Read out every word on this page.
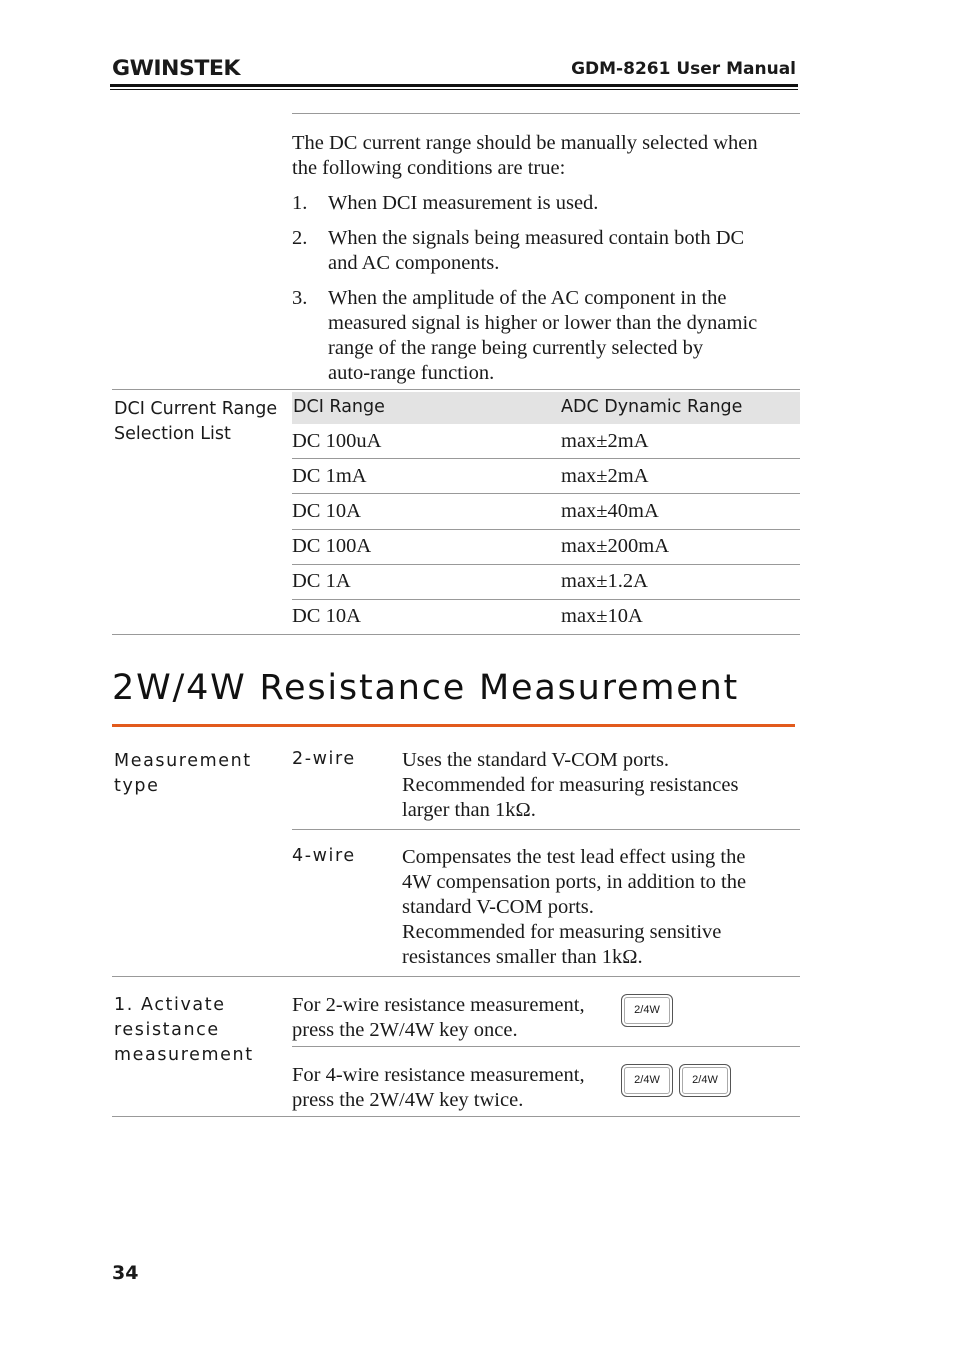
GWINSTEK	GDM-8261 User Manual
The DC current range should be manually selected when
the following conditions are true:
1. When DCI measurement is used.
2. When the signals being measured contain both DC
and AC components.
3. When the amplitude of the AC component in the
measured signal is higher or lower than the dynamic
range of the range being currently selected by
auto-range function.
DCI Current Range
Selection List
DCI Range	ADC Dynamic Range
DC 100uA	max±2mA
DC 1mA	max±2mA
DC 10A	max±40mA
DC 100A	max±200mA
DC 1A	max±1.2A
DC 10A	max±10A
2W/4W Resistance Measurement
Measurement
type
2-wire Uses the standard V-COM ports.
Recommended for measuring resistances
larger than 1kΩ.
4-wire Compensates the test lead effect using the
4W compensation ports, in addition to the
standard V-COM ports.
Recommended for measuring sensitive
resistances smaller than 1kΩ.
1. Activate
resistance
measurement
For 2-wire resistance measurement,
press the 2W/4W key once.
2/4W
For 4-wire resistance measurement,
press the 2W/4W key twice.
2/4W	2/4W
34
